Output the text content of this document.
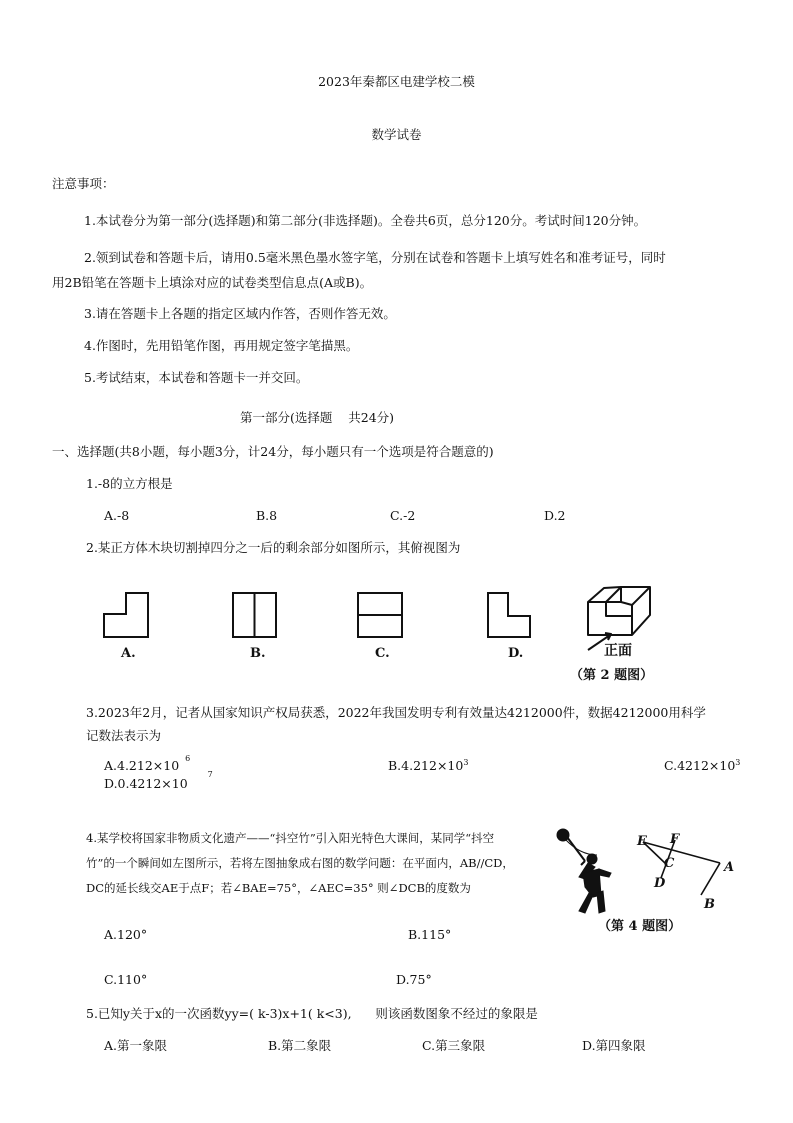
2023年秦都区电建学校二模
数学试卷
注意事项：
1.本试卷分为第一部分(选择题)和第二部分(非选择题)。全卷共6页，总分120分。考试时间120分钟。
2.领到试卷和答题卡后，请用0.5毫米黑色墨水签字笔，分别在试卷和答题卡上填写姓名和准考证号，同时
用2B铅笔在答题卡上填涂对应的试卷类型信息点(A或B)。
3.请在答题卡上各题的指定区域内作答，否则作答无效。
4.作图时，先用铅笔作图，再用规定签字笔描黑。
5.考试结束，本试卷和答题卡一并交回。
第一部分(选择题    共24分)
一、选择题(共8小题，每小题3分，计24分，每小题只有一个选项是符合题意的)
1.-8的立方根是
A.-8	B.8	C.-2	D.2
2.某正方体木块切割掉四分之一后的剩余部分如图所示，其俯视图为
A.	B.	C.	D.	正面
（第 2 题图）
3.2023年2月，记者从国家知识产权局获悉，2022年我国发明专利有效量达4212000件，数据4212000用科学
记数法表示为
A.4.212×10 $^6$	$B.4.212\times 10^3$	$C.4212\times 10^3$
$D.0.4212\times 10^7$
4.某学校将国家非物质文化遗产——“抖空竹”引入阳光特色大课间，某同学“抖空
竹”的一个瞬间如左图所示，若将左图抽象成右图的数学问题：在平面内，AB//CD，
DC的延长线交AE于点F；若∠BAE=75°，∠AEC=35° 则∠DCB的度数为
E F
C
D
A
B
（第 4 题图）
A.120°	B.115°
C.110°	D.75°
5.已知y关于x的一次函数yy=( k-3)x+1( k<3),      则该函数图象不经过的象限是
A.第一象限	B.第二象限	C.第三象限	D.第四象限
